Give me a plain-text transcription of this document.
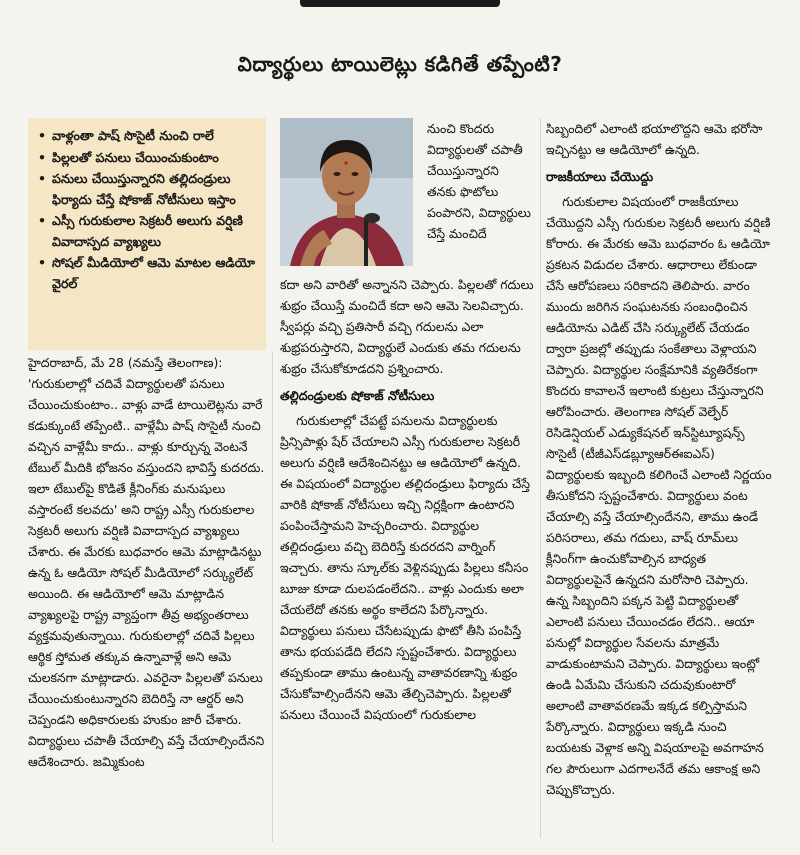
విద్యార్థులు టాయిలెట్లు కడిగితే తప్పేంటి?
• వాళ్లంతా పాష్ సొసైటీ నుంచి రాలే
• పిల్లలతో పనులు చేయించుకుంటాం
• పనులు చేయిస్తున్నారని తల్లిదండ్రులు ఫిర్యాదు చేస్తే షోకాజ్ నోటీసులు ఇస్తాం
• ఎస్సీ గురుకులాల సెక్రటరీ అలుగు వర్షిణి వివాదాస్పద వ్యాఖ్యలు
• సోషల్ మీడియోలో ఆమె మాటల ఆడియో వైరల్

హైదరాబాద్, మే 28 (నమస్తే తెలంగాణ): 'గురుకులాల్లో చదివే విద్యార్థులతో పనులు చేయించుకుంటాం.. వాళ్లు వాడే టాయిలెట్లను వారే కడుక్కుంటే తప్పేంటి.. వాళ్లేమీ పాష్ సొసైటీ నుంచి వచ్చిన వాళ్లేమీ కాదు.. వాళ్లు కూర్చున్న వెంటనే టేబుల్ మీదికి భోజనం వస్తుందని భావిస్తే కుదరదు. ఇలా టేబుల్‌పై కొడితే క్లీనింగ్‌కు మనుషులు వస్తారంటే కలవదు' అని రాష్ట్ర ఎస్సీ గురుకులాల సెక్రటరీ అలుగు వర్షిణి వివాదాస్పద వ్యాఖ్యలు చేశారు. ఈ మేరకు బుధవారం ఆమె మాట్లాడినట్టు ఉన్న ఓ ఆడియో సోషల్ మీడియోలో సర్క్యులేట్ అయింది. ఈ ఆడియోలో ఆమె మాట్లాడిన వ్యాఖ్యలపై రాష్ట్ర వ్యాప్తంగా తీవ్ర అభ్యంతరాలు వ్యక్తమవుతున్నాయి. గురుకులాల్లో చదివే పిల్లలు ఆర్థిక స్తోమత తక్కువ ఉన్నావాళ్లే అని ఆమె చులకనగా మాట్లాడారు. ఎవరైనా పిల్లలతో పనులు చేయించుకుంటున్నారని బెదిరిస్తే నా ఆర్డర్ అని చెప్పండని అధికారులకు హుకుం జారీ చేశారు. విద్యార్థులు చపాతీ చేయాల్సి వస్తే చేయాల్సిందేనని ఆదేశించారు. జమ్మికుంట

నుంచి కొందరు విద్యార్థులతో చపాతీ చేయిస్తున్నారని తనకు ఫొటోలు పంపారని, విద్యార్థులు చేస్తే మంచిదే

కదా అని వారితో అన్నానని చెప్పారు. పిల్లలతో గదులు శుభ్రం చేయిస్తే మంచిదే కదా అని ఆమె సెలవిచ్చారు. స్వీపర్లు వచ్చి ప్రతిసారీ వచ్చి గదులను ఎలా శుభ్రపరుస్తారని, విద్యార్థులే ఎందుకు తమ గదులను శుభ్రం చేసుకోకూడదని ప్రశ్నించారు.

తల్లిదండ్రులకు షోకాజ్ నోటీసులు

గురుకులాల్లో చేపట్టే పనులను విద్యార్థులకు ప్రిన్సిపాళ్లు షేర్ చేయాలని ఎస్సీ గురుకులాల సెక్రటరీ అలుగు వర్షిణి ఆదేశించినట్టు ఆ ఆడియోలో ఉన్నది. ఈ విషయంలో విద్యార్థుల తల్లిదండ్రులు ఫిర్యాదు చేస్తే వారికి షోకాజ్ నోటీసులు ఇచ్చి నిర్లక్షింగా ఉంటారని పంపించేస్తామని హెచ్చరించారు. విద్యార్థుల తల్లిదండ్రులు వచ్చి బెదిరిస్తే కుదరదని వార్నింగ్ ఇచ్చారు. తాను స్కూల్‌కు వెళ్లినప్పుడు పిల్లలు కనీసం బూజు కూడా దులపడంలేదని.. వాళ్లు ఎందుకు అలా చేయలేదో తనకు అర్థం కాలేదని పేర్కొన్నారు. విద్యార్థులు పనులు చేసేటప్పుడు ఫొటో తీసి పంపిస్తే తాను భయపడేది లేదని స్పష్టంచేశారు. విద్యార్థులు తప్పకుండా తాము ఉంటున్న వాతావరణాన్ని శుభ్రం చేసుకోవాల్సిందేనని ఆమె తేల్చిచెప్పారు. పిల్లలతో పనులు చేయించే విషయంలో గురుకులాల

సిబ్బందిలో ఎలాంటి భయాలొద్దని ఆమె భరోసా ఇచ్చినట్టు ఆ ఆడియోలో ఉన్నది.

రాజకీయాలు చేయొద్దు

గురుకులాల విషయంలో రాజకీయాలు చేయొద్దని ఎస్సీ గురుకుల సెక్రటరీ అలుగు వర్షిణి కోరారు. ఈ మేరకు ఆమె బుధవారం ఓ ఆడియో ప్రకటన విడుదల చేశారు. ఆధారాలు లేకుండా చేసే ఆరోపణలు సరికాదని తెలిపారు. వారం ముందు జరిగిన సంఘటనకు సంబంధించిన ఆడియోను ఎడిట్ చేసి సర్క్యులేట్ చేయడం ద్వారా ప్రజల్లో తప్పుడు సంకేతాలు వెళ్లాయని చెప్పారు. విద్యార్థుల సంక్షేమానికి వ్యతిరేకంగా కొందరు కావాలనే ఇలాంటి కుట్రలు చేస్తున్నారని ఆరోపించారు. తెలంగాణ సోషల్ వెల్ఫేర్ రెసిడెన్షియల్ ఎడ్యుకేషనల్ ఇన్‌స్టిట్యూషన్స్ సొసైటీ (టీజీఎస్‌డబ్ల్యూఆర్‌ఈఐఎస్) విద్యార్థులకు ఇబ్బంది కలిగించే ఎలాంటి నిర్ణయం తీసుకోదని స్పష్టంచేశారు. విద్యార్థులు వంట చేయాల్సి వస్తే చేయాల్సిందేనని, తాము ఉండే పరిసరాలు, తమ గదులు, వాష్ రూమ్‌లు క్లీనింగ్‌గా ఉంచుకోవాల్సిన బాధ్యత విద్యార్థులపైనే ఉన్నదని మరోసారి చెప్పారు. ఉన్న సిబ్బందిని పక్కన పెట్టి విద్యార్థులతో ఎలాంటి పనులు చేయించడం లేదని.. ఆయా పనుల్లో విద్యార్థుల సేవలను మాత్రమే వాడుకుంటామని చెప్పారు. విద్యార్థులు ఇంట్లో ఉండి ఏమేమి చేసుకుని చదువుకుంటారో అలాంటి వాతావరణమే ఇక్కడ కల్పిస్తామని పేర్కొన్నారు. విద్యార్థులు ఇక్కడి నుంచి బయటకు వెళ్లాక అన్ని విషయాలపై అవగాహన గల పౌరులుగా ఎదగాలనేదే తమ ఆకాంక్ష అని చెప్పుకొచ్చారు.
